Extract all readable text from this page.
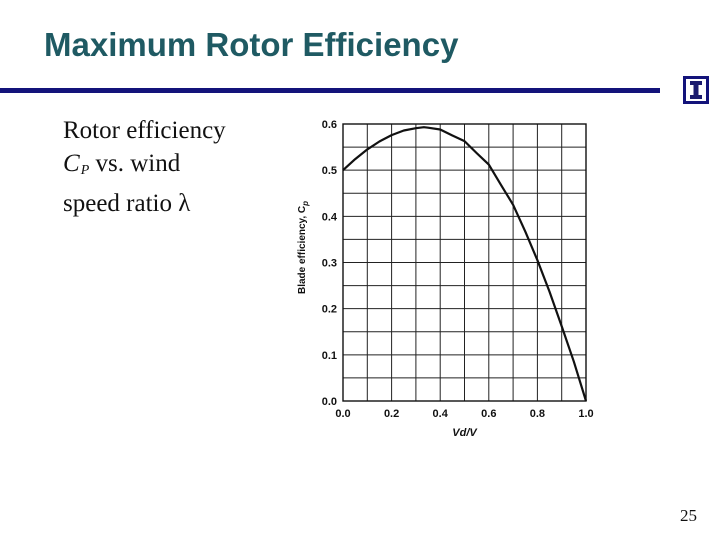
Maximum Rotor Efficiency
Rotor efficiency
$C_P$ vs. wind
speed ratio λ
0.0
0.1
0.2
0.3
0.4
0.5
0.6
0.0	0.2	0.4	0.6	0.8	1.0
Vd/V
Blade efficiency, $C_p$
25
